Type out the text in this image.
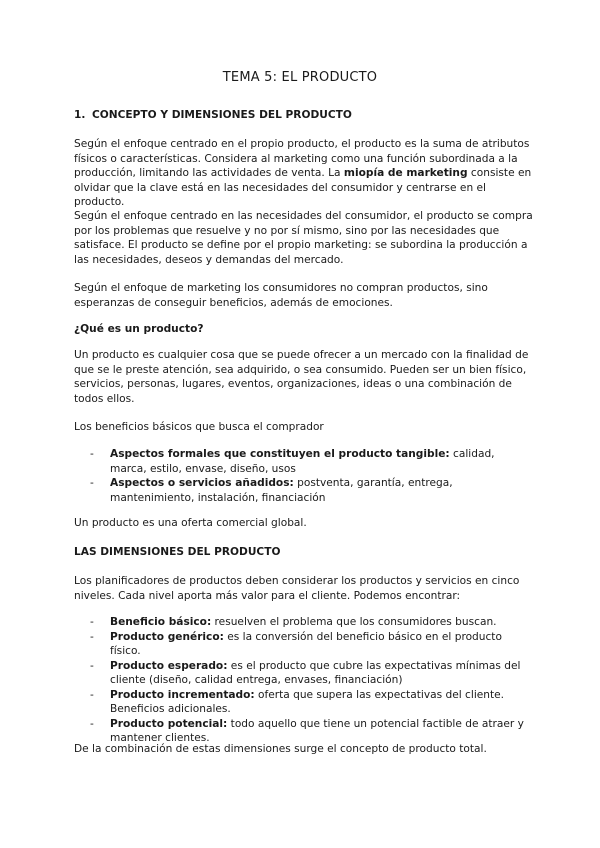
TEMA 5: EL PRODUCTO
1. CONCEPTO Y DIMENSIONES DEL PRODUCTO

Según el enfoque centrado en el propio producto, el producto es la suma de atributos físicos o características. Considera al marketing como una función subordinada a la producción, limitando las actividades de venta. La miopía de marketing consiste en olvidar que la clave está en las necesidades del consumidor y centrarse en el producto.

Según el enfoque centrado en las necesidades del consumidor, el producto se compra por los problemas que resuelve y no por sí mismo, sino por las necesidades que satisface. El producto se define por el propio marketing: se subordina la producción a las necesidades, deseos y demandas del mercado.

Según el enfoque de marketing los consumidores no compran productos, sino esperanzas de conseguir beneficios, además de emociones.

¿Qué es un producto?

Un producto es cualquier cosa que se puede ofrecer a un mercado con la finalidad de que se le preste atención, sea adquirido, o sea consumido. Pueden ser un bien físico, servicios, personas, lugares, eventos, organizaciones, ideas o una combinación de todos ellos.

Los beneficios básicos que busca el comprador

- Aspectos formales que constituyen el producto tangible: calidad, marca, estilo, envase, diseño, usos
- Aspectos o servicios añadidos: postventa, garantía, entrega, mantenimiento, instalación, financiación

Un producto es una oferta comercial global.

LAS DIMENSIONES DEL PRODUCTO

Los planificadores de productos deben considerar los productos y servicios en cinco niveles. Cada nivel aporta más valor para el cliente. Podemos encontrar:

- Beneficio básico: resuelven el problema que los consumidores buscan.
- Producto genérico: es la conversión del beneficio básico en el producto físico.
- Producto esperado: es el producto que cubre las expectativas mínimas del cliente (diseño, calidad entrega, envases, financiación)
- Producto incrementado: oferta que supera las expectativas del cliente. Beneficios adicionales.
- Producto potencial: todo aquello que tiene un potencial factible de atraer y mantener clientes.

De la combinación de estas dimensiones surge el concepto de producto total.
